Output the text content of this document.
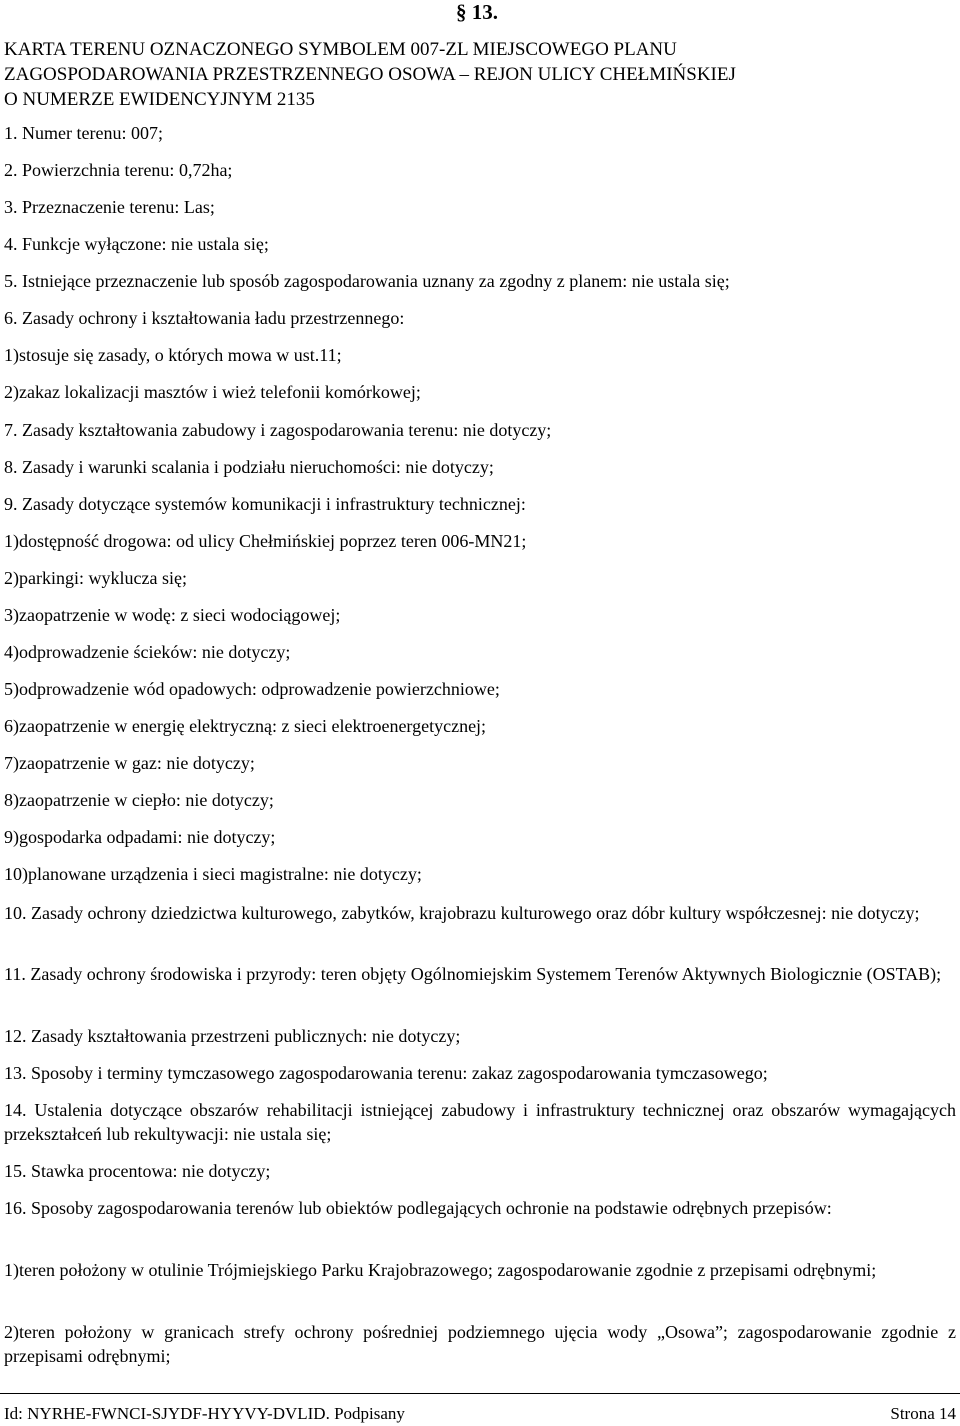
§ 13.
KARTA TERENU OZNACZONEGO SYMBOLEM 007-ZL MIEJSCOWEGO PLANU
ZAGOSPODAROWANIA PRZESTRZENNEGO OSOWA – REJON ULICY CHEŁMIŃSKIEJ
O NUMERZE EWIDENCYJNYM 2135
1. Numer terenu: 007;
2. Powierzchnia terenu: 0,72ha;
3. Przeznaczenie terenu: Las;
4. Funkcje wyłączone: nie ustala się;
5. Istniejące przeznaczenie lub sposób zagospodarowania uznany za zgodny z planem: nie ustala się;
6. Zasady ochrony i kształtowania ładu przestrzennego:
1)stosuje się zasady, o których mowa w ust.11;
2)zakaz lokalizacji masztów i wież telefonii komórkowej;
7. Zasady kształtowania zabudowy i zagospodarowania terenu: nie dotyczy;
8. Zasady i warunki scalania i podziału nieruchomości: nie dotyczy;
9. Zasady dotyczące systemów komunikacji i infrastruktury technicznej:
1)dostępność drogowa: od ulicy Chełmińskiej poprzez teren 006-MN21;
2)parkingi: wyklucza się;
3)zaopatrzenie w wodę: z sieci wodociągowej;
4)odprowadzenie ścieków: nie dotyczy;
5)odprowadzenie wód opadowych: odprowadzenie powierzchniowe;
6)zaopatrzenie w energię elektryczną: z sieci elektroenergetycznej;
7)zaopatrzenie w gaz: nie dotyczy;
8)zaopatrzenie w ciepło: nie dotyczy;
9)gospodarka odpadami: nie dotyczy;
10)planowane urządzenia i sieci magistralne: nie dotyczy;
10. Zasady ochrony dziedzictwa kulturowego, zabytków, krajobrazu kulturowego oraz dóbr kultury współczesnej: nie dotyczy;
11. Zasady ochrony środowiska i przyrody: teren objęty Ogólnomiejskim Systemem Terenów Aktywnych Biologicznie (OSTAB);
12. Zasady kształtowania przestrzeni publicznych: nie dotyczy;
13. Sposoby i terminy tymczasowego zagospodarowania terenu: zakaz zagospodarowania tymczasowego;
14. Ustalenia dotyczące obszarów rehabilitacji istniejącej zabudowy i infrastruktury technicznej oraz obszarów wymagających przekształceń lub rekultywacji: nie ustala się;
15. Stawka procentowa: nie dotyczy;
16. Sposoby zagospodarowania terenów lub obiektów podlegających ochronie na podstawie odrębnych przepisów:
1)teren położony w otulinie Trójmiejskiego Parku Krajobrazowego; zagospodarowanie zgodnie z przepisami odrębnymi;
2)teren położony w granicach strefy ochrony pośredniej podziemnego ujęcia wody „Osowa”; zagospodarowanie zgodnie z przepisami odrębnymi;
Id: NYRHE-FWNCI-SJYDF-HYYVY-DVLID. Podpisany	Strona 14
